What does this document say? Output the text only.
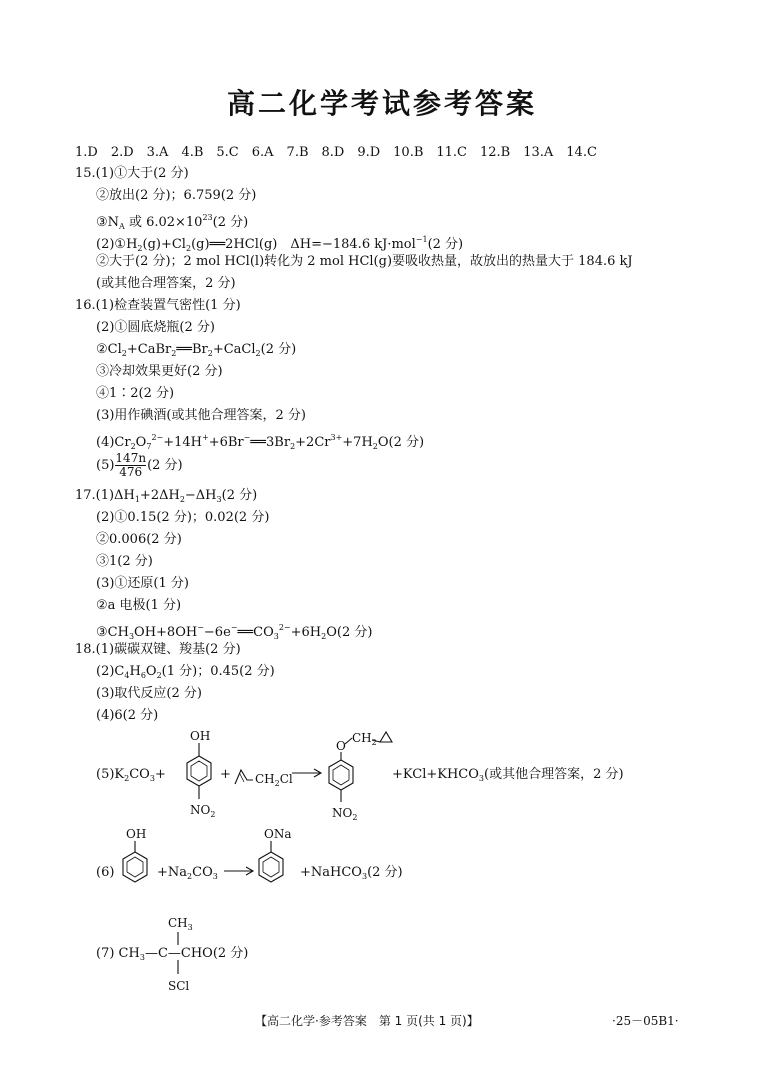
高二化学考试参考答案
1.D　2.D　3.A　4.B　5.C　6.A　7.B　8.D　9.D　10.B　11.C　12.B　13.A　14.C
15.(1)①大于(2 分)
②放出(2 分)；6.759(2 分)
$③N_A$ 或 $6.02\times 10^{23}(2$ 分)
$(2)①H_2(g)+Cl_2(g)══2HCl(g)$　ΔH=−184.6 kJ·mol$^{-1}$(2 分)
②大于(2 分)；2 mol HCl(l)转化为 2 mol HCl(g)要吸收热量，故放出的热量大于 184.6 kJ
(或其他合理答案，2 分)
16.(1)检查装置气密性(1 分)
(2)①圆底烧瓶(2 分)
$②Cl_2+CaBr_2══Br_2+CaCl_2(2$ 分)
③冷却效果更好(2 分)
④1∶2(2 分)
(3)用作碘酒(或其他合理答案，2 分)
$(4)Cr_2O_7^{2-}+14H^++6Br^-══3Br_2+2Cr^{3+}+7H_2O(2$ 分)
$(5) \frac{147n}{476} (2$ 分)
$17.(1)\Delta H_1+2\Delta H_2-\Delta H_3(2$ 分)
(2)①0.15(2 分)；0.02(2 分)
②0.006(2 分)
③1(2 分)
(3)①还原(1 分)
②a 电极(1 分)
$③CH_3OH+8OH^--6e^-══CO_3^{2-}+6H_2O(2$ 分)
18.(1)碳碳双键、羧基(2 分)
$(2)C_4H_6O_2(1$ 分)；0.45(2 分)
(3)取代反应(2 分)
(4)6(2 分)
$(5)K_2CO_3+$
OH
$NO_2$
+ $CH_2Cl$ →
O
$CH_2$
$NO_2$
$+KCl+KHCO_3$(或其他合理答案，2 分)
(6)
OH
$+Na_2CO_3$ →
ONa
+NaHCO$_3$(2 分)
$CH_3$
SCl
(7) $CH_3—C—CHO(2$ 分)
【高二化学·参考答案　第 1 页(共 1 页)】	·25－05B1·
